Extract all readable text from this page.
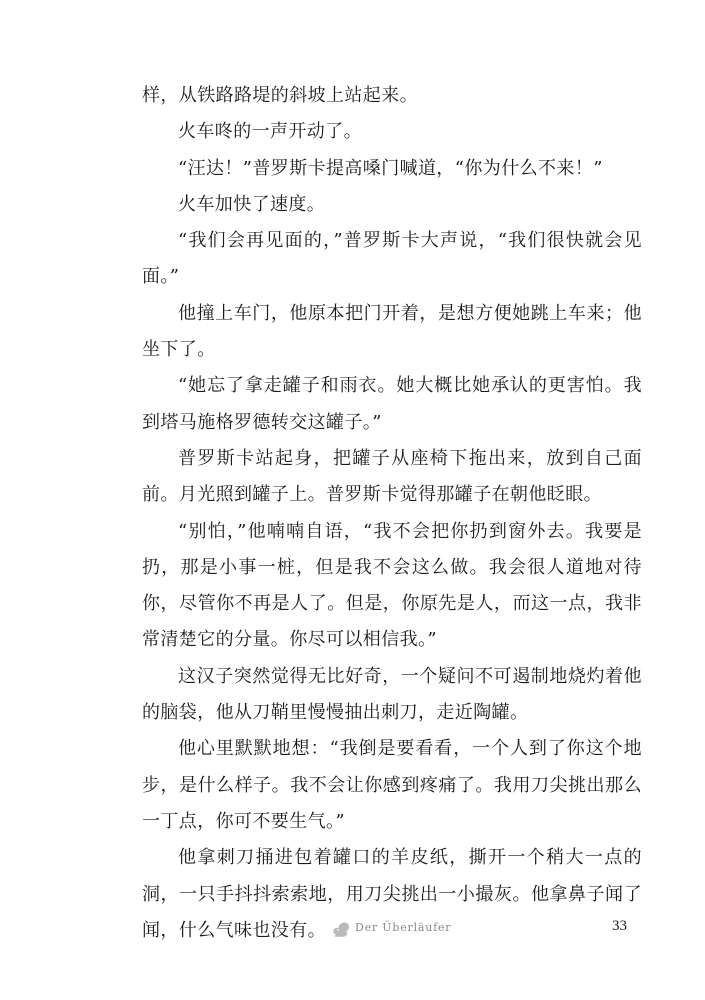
样，从铁路路堤的斜坡上站起来。

火车咚的一声开动了。

“汪达！”普罗斯卡提高嗓门喊道，“你为什么不来！”

火车加快了速度。

“我们会再见面的，”普罗斯卡大声说，“我们很快就会见面。”

他撞上车门，他原本把门开着，是想方便她跳上车来；他坐下了。

“她忘了拿走罐子和雨衣。她大概比她承认的更害怕。我到塔马施格罗德转交这罐子。”

普罗斯卡站起身，把罐子从座椅下拖出来，放到自己面前。月光照到罐子上。普罗斯卡觉得那罐子在朝他眨眼。

“别怕，”他喃喃自语，“我不会把你扔到窗外去。我要是扔，那是小事一桩，但是我不会这么做。我会很人道地对待你，尽管你不再是人了。但是，你原先是人，而这一点，我非常清楚它的分量。你尽可以相信我。”

这汉子突然觉得无比好奇，一个疑问不可遏制地烧灼着他的脑袋，他从刀鞘里慢慢抽出刺刀，走近陶罐。

他心里默默地想：“我倒是要看看，一个人到了你这个地步，是什么样子。我不会让你感到疼痛了。我用刀尖挑出那么一丁点，你可不要生气。”

他拿刺刀捅进包着罐口的羊皮纸，撕开一个稍大一点的洞，一只手抖抖索索地，用刀尖挑出一小撮灰。他拿鼻子闻了闻，什么气味也没有。	Der Überläufer	33
